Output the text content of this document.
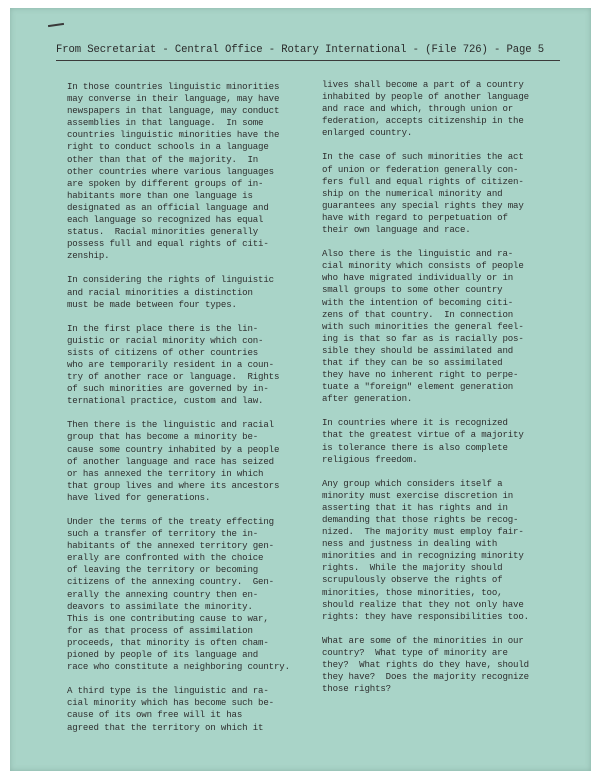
From Secretariat - Central Office - Rotary International - (File 726) - Page 5

In those countries linguistic minorities
may converse in their language, may have
newspapers in that language, may conduct
assemblies in that language.  In some
countries linguistic minorities have the
right to conduct schools in a language
other than that of the majority.  In
other countries where various languages
are spoken by different groups of in-
habitants more than one language is
designated as an official language and
each language so recognized has equal
status.  Racial minorities generally
possess full and equal rights of citi-
zenship.

In considering the rights of linguistic
and racial minorities a distinction
must be made between four types.

In the first place there is the lin-
guistic or racial minority which con-
sists of citizens of other countries
who are temporarily resident in a coun-
try of another race or language.  Rights
of such minorities are governed by in-
ternational practice, custom and law.

Then there is the linguistic and racial
group that has become a minority be-
cause some country inhabited by a people
of another language and race has seized
or has annexed the territory in which
that group lives and where its ancestors
have lived for generations.

Under the terms of the treaty effecting
such a transfer of territory the in-
habitants of the annexed territory gen-
erally are confronted with the choice
of leaving the territory or becoming
citizens of the annexing country.  Gen-
erally the annexing country then en-
deavors to assimilate the minority.
This is one contributing cause to war,
for as that process of assimilation
proceeds, that minority is often cham-
pioned by people of its language and
race who constitute a neighboring country.

A third type is the linguistic and ra-
cial minority which has become such be-
cause of its own free will it has
agreed that the territory on which it

lives shall become a part of a country
inhabited by people of another language
and race and which, through union or
federation, accepts citizenship in the
enlarged country.

In the case of such minorities the act
of union or federation generally con-
fers full and equal rights of citizen-
ship on the numerical minority and
guarantees any special rights they may
have with regard to perpetuation of
their own language and race.

Also there is the linguistic and ra-
cial minority which consists of people
who have migrated individually or in
small groups to some other country
with the intention of becoming citi-
zens of that country.  In connection
with such minorities the general feel-
ing is that so far as is racially pos-
sible they should be assimilated and
that if they can be so assimilated
they have no inherent right to perpe-
tuate a "foreign" element generation
after generation.

In countries where it is recognized
that the greatest virtue of a majority
is tolerance there is also complete
religious freedom.

Any group which considers itself a
minority must exercise discretion in
asserting that it has rights and in
demanding that those rights be recog-
nized.  The majority must employ fair-
ness and justness in dealing with
minorities and in recognizing minority
rights.  While the majority should
scrupulously observe the rights of
minorities, those minorities, too,
should realize that they not only have
rights: they have responsibilities too.

What are some of the minorities in our
country?  What type of minority are
they?  What rights do they have, should
they have?  Does the majority recognize
those rights?
